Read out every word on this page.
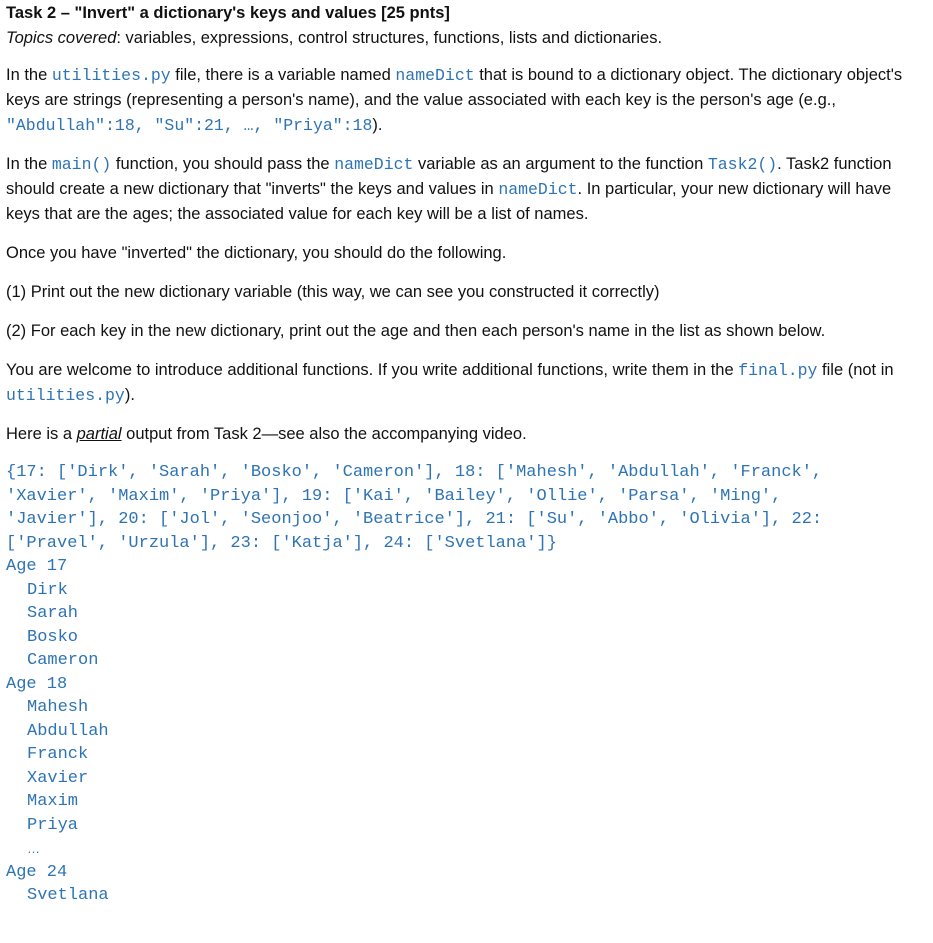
Task 2 – "Invert" a dictionary's keys and values [25 pnts]
Topics covered: variables, expressions, control structures, functions, lists and dictionaries.

In the utilities.py file, there is a variable named nameDict that is bound to a dictionary object. The dictionary object's keys are strings (representing a person's name), and the value associated with each key is the person's age (e.g., "Abdullah":18, "Su":21, …, "Priya":18).

In the main() function, you should pass the nameDict variable as an argument to the function Task2(). Task2 function should create a new dictionary that "inverts" the keys and values in nameDict. In particular, your new dictionary will have keys that are the ages; the associated value for each key will be a list of names.

Once you have "inverted" the dictionary, you should do the following.

(1) Print out the new dictionary variable (this way, we can see you constructed it correctly)

(2) For each key in the new dictionary, print out the age and then each person's name in the list as shown below.

You are welcome to introduce additional functions. If you write additional functions, write them in the final.py file (not in utilities.py).

Here is a partial output from Task 2—see also the accompanying video.

{17: ['Dirk', 'Sarah', 'Bosko', 'Cameron'], 18: ['Mahesh', 'Abdullah', 'Franck',
'Xavier', 'Maxim', 'Priya'], 19: ['Kai', 'Bailey', 'Ollie', 'Parsa', 'Ming',
'Javier'], 20: ['Jol', 'Seonjoo', 'Beatrice'], 21: ['Su', 'Abbo', 'Olivia'], 22:
['Pravel', 'Urzula'], 23: ['Katja'], 24: ['Svetlana']}
Age 17
Dirk
Sarah
Bosko
Cameron
Age 18
Mahesh
Abdullah
Franck
Xavier
Maxim
Priya
…
Age 24
Svetlana
